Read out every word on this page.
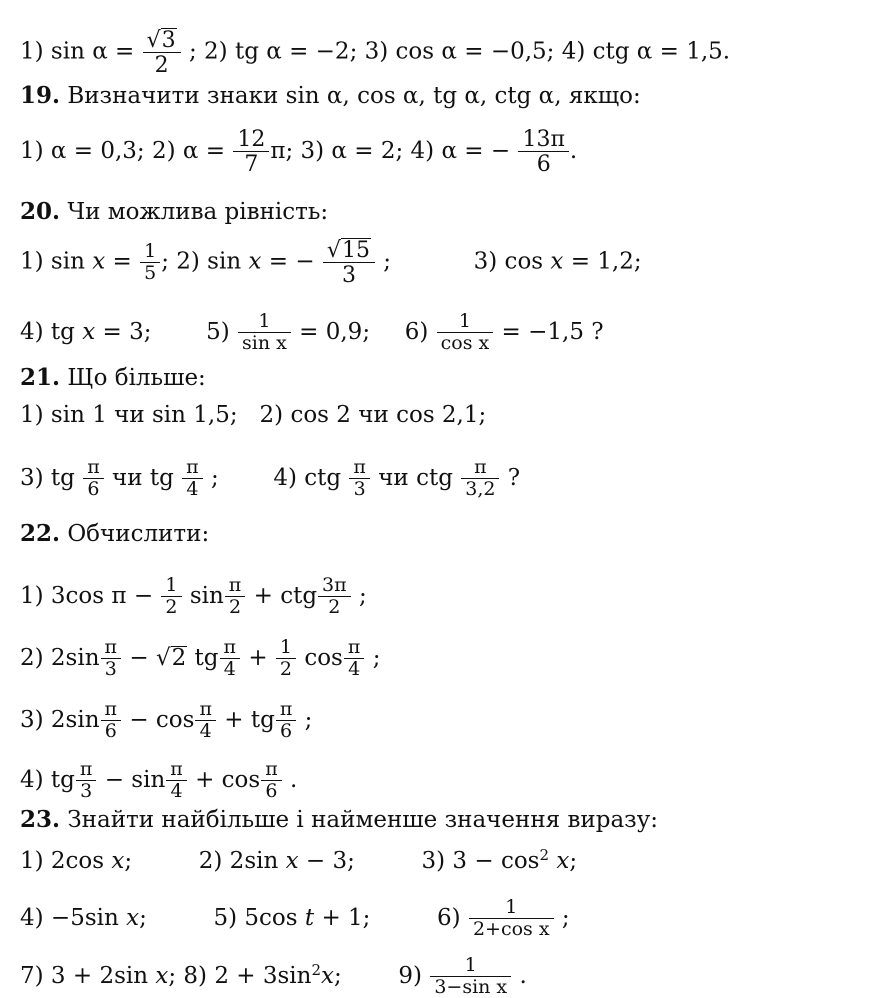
1) $\sin \alpha = \frac{√ 3}{2}$ ; 2) tg α = −2; 3) cos α = −0,5; 4) ctg α = 1,5.
19. Визначити знаки sin α, cos α, tg α, ctg α, якщо:
1) α = 0,3; 2) $\alpha = \frac{12}{7} \pi$; 3) α = 2; 4) α = − $\frac{13\pi}{6}$ .
20. Чи можлива рівність:
1) $\sin x = \frac{1}{5}$ ; 2) sin x = − $\frac{√ 15}{3}$ ;	3) cos x = 1,2;
4) tg x = 3; $5) \frac{1}{\text{sin x}} = 0,9$; $6) \frac{1}{\text{cos x}} = -1,5$ ?
21. Що більше:
1) sin 1 чи sin 1,5;   2) cos 2 чи cos 2,1;
3) tg $\frac{\pi}{6}$ чи tg $\frac{\pi}{4}$ ; 4) ctg $\frac{\pi}{3}$ чи ctg $\frac{\pi}{3,2}$ ?
22. Обчислити:
1) 3cos $\pi - \frac{1}{2}$ $\sin \frac{\pi}{2}$ + ctg $\frac{3\pi}{2}$ ;
2) $2\sin \frac{\pi}{3}$ − √ 2 tg $\frac{\pi}{4} + \frac{1}{2}$ $\cos \frac{\pi}{4}$ ;
3) $2\sin \frac{\pi}{6} - \cos \frac{\pi}{4}$ + tg $\frac{\pi}{6}$ ;
4) tg $\frac{\pi}{3} - \sin \frac{\pi}{4} + \cos \frac{\pi}{6}$ .
23. Знайти найбільше і найменше значення виразу:
1) 2cos x;	2) 2sin x − 3;	3) $3 - \cos^2 x$;
4) −5sin x;	5) 5cos t + 1;	$6) \frac{1}{\text{2+cos x}}$ ;
7) 3 + 2sin x; 8) $2 + 3\sin^2x$; $9) \frac{1}{\text{3−sin x}}$ .
